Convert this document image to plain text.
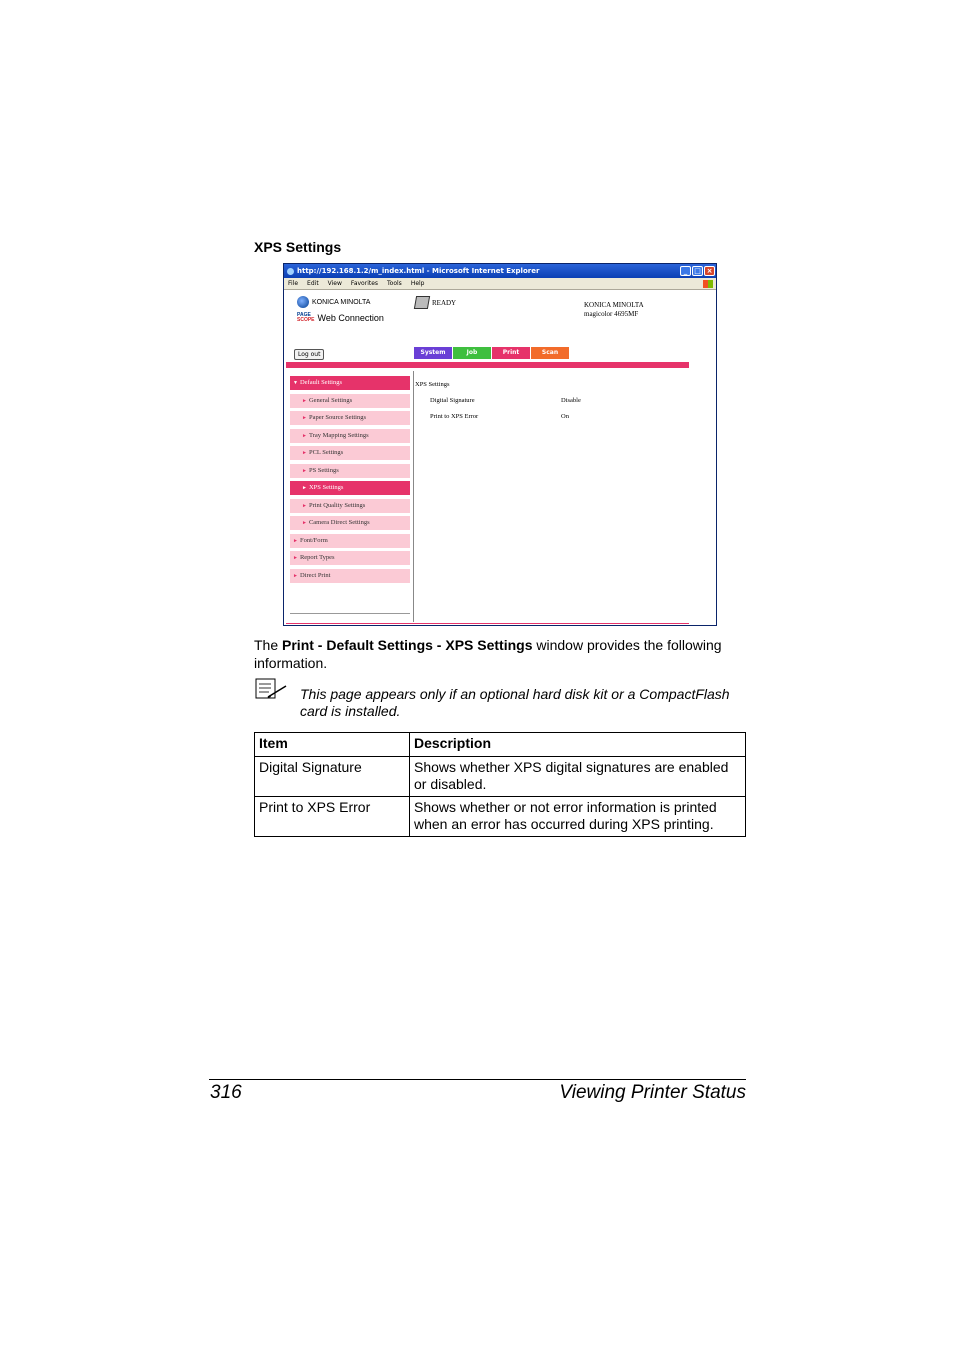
XPS Settings
http://192.168.1.2/m_index.html - Microsoft Internet Explorer	_ □ ×
File Edit View Favorites Tools Help
KONICA MINOLTA
PAGE
SCOPE Web Connection
READY	KONICA MINOLTA
magicolor 4695MF
Log out	System	Job	Print	Scan
▼ Default Settings
► General Settings
► Paper Source Settings
► Tray Mapping Settings
► PCL Settings
► PS Settings
► XPS Settings
► Print Quality Settings
► Camera Direct Settings
► Font/Form
► Report Types
► Direct Print
XPS Settings
Digital Signature	Disable
Print to XPS Error	On
The Print - Default Settings - XPS Settings window provides the following information.
This page appears only if an optional hard disk kit or a CompactFlash card is installed.
Item	Description
Digital Signature	Shows whether XPS digital signatures are enabled or disabled.
Print to XPS Error	Shows whether or not error information is printed when an error has occurred during XPS printing.
316	Viewing Printer Status
